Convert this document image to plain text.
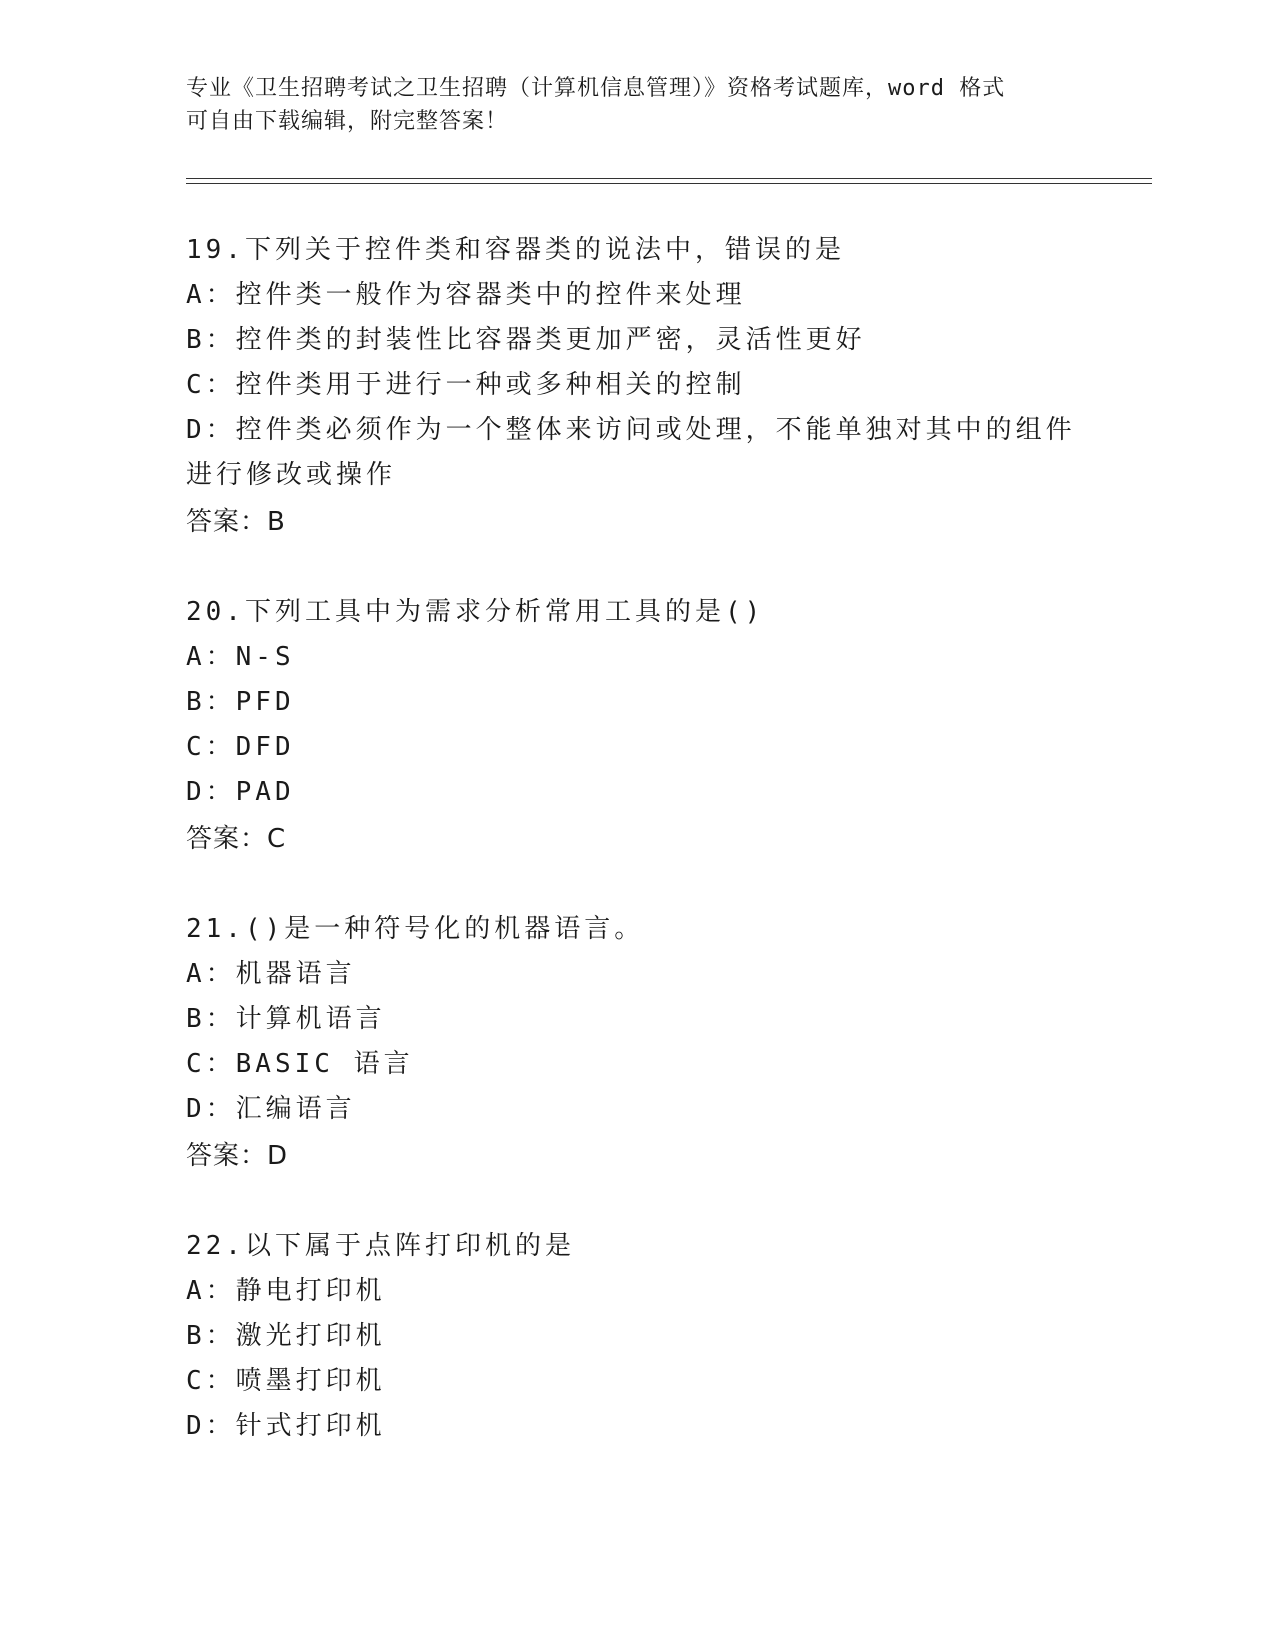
专业《卫生招聘考试之卫生招聘（计算机信息管理）》资格考试题库，word 格式
可自由下载编辑，附完整答案！
19.下列关于控件类和容器类的说法中，错误的是
A：控件类一般作为容器类中的控件来处理
B：控件类的封装性比容器类更加严密，灵活性更好
C：控件类用于进行一种或多种相关的控制
D：控件类必须作为一个整体来访问或处理，不能单独对其中的组件进行修改或操作
答案：B
20.下列工具中为需求分析常用工具的是()
A：N-S
B：PFD
C：DFD
D：PAD
答案：C
21.()是一种符号化的机器语言。
A：机器语言
B：计算机语言
C：BASIC 语言
D：汇编语言
答案：D
22.以下属于点阵打印机的是
A：静电打印机
B：激光打印机
C：喷墨打印机
D：针式打印机
